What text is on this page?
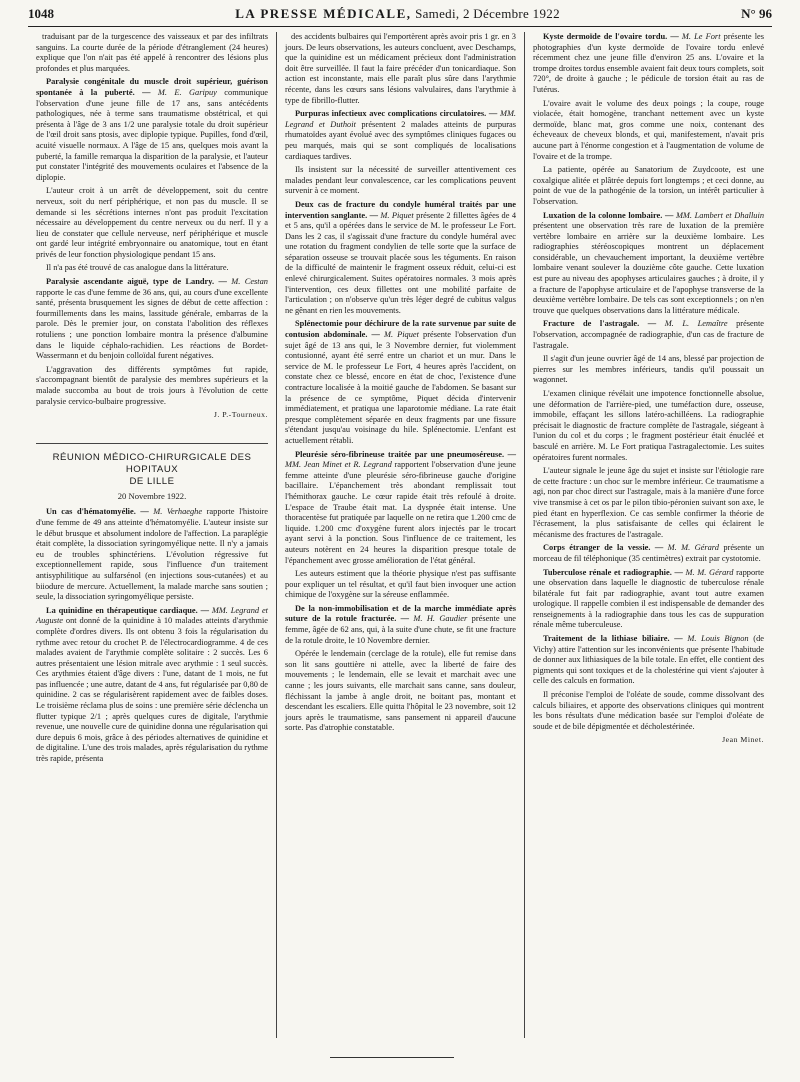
1048	LA PRESSE MÉDICALE, Samedi, 2 Décembre 1922	N° 96

traduisant par de la turgescence des vaisseaux et par des infiltrats sanguins. La courte durée de la période d'étranglement (24 heures) explique que l'on n'ait pas été appelé à rencontrer des lésions plus profondes et plus marquées.

Paralysie congénitale du muscle droit supérieur, guérison spontanée à la puberté. — M. E. Garipuy communique l'observation d'une jeune fille de 17 ans, sans antécédents pathologiques, née à terme sans traumatisme obstétrical, et qui présenta à l'âge de 3 ans 1/2 une paralysie totale du droit supérieur de l'œil droit sans ptosis, avec diplopie typique. Pupilles, fond d'œil, acuité visuelle normaux. A l'âge de 15 ans, quelques mois avant la puberté, la famille remarqua la disparition de la paralysie, et l'auteur put constater l'intégrité des mouvements oculaires et l'absence de la diplopie.

L'auteur croit à un arrêt de développement, soit du centre nerveux, soit du nerf périphérique, et non pas du muscle. Il se demande si les sécrétions internes n'ont pas produit l'excitation nécessaire au développement du centre nerveux ou du nerf. Il y a lieu de constater que cellule nerveuse, nerf périphérique et muscle ont gardé leur intégrité embryonnaire ou anatomique, tout en étant privés de leur fonction physiologique pendant 15 ans.

Il n'a pas été trouvé de cas analogue dans la littérature.

Paralysie ascendante aiguë, type de Landry. — M. Cestan rapporte le cas d'une femme de 36 ans, qui, au cours d'une excellente santé, présenta brusquement les signes de début de cette affection : fourmillements dans les mains, lassitude générale, embarras de la parole. Dès le premier jour, on constata l'abolition des réflexes rotuliens ; une ponction lombaire montra la présence d'albumine dans le liquide céphalo-rachidien. Les réactions de Bordet-Wassermann et du benjoin colloïdal furent négatives.

L'aggravation des différents symptômes fut rapide, s'accompagnant bientôt de paralysie des membres supérieurs et la malade succomba au bout de trois jours à l'évolution de cette paralysie cervico-bulbaire progressive.

J. P.-Tourneux.

RÉUNION MÉDICO-CHIRURGICALE DES HOPITAUX
DE LILLE
20 Novembre 1922.

Un cas d'hématomyélie. — M. Verhaeghe rapporte l'histoire d'une femme de 49 ans atteinte d'hématomyélie. L'auteur insiste sur le début brusque et absolument indolore de l'affection. La paraplégie était complète, la dissociation syringomyélique nette. Il n'y a jamais eu de troubles sphinctériens. L'évolution régressive fut exceptionnellement rapide, sous l'influence d'un traitement antisyphilitique au sulfarsénol (en injections sous-cutanées) et au biiodure de mercure. Actuellement, la malade marche sans soutien ; seule, la dissociation syringomyélique persiste.

La quinidine en thérapeutique cardiaque. — MM. Legrand et Auguste ont donné de la quinidine à 10 malades atteints d'arythmie complète d'ordres divers. Ils ont obtenu 3 fois la régularisation du rythme avec retour du crochet P. de l'électrocardiogramme. 4 de ces malades avaient de l'arythmie complète solitaire : 2 succès. Les 6 autres présentaient une lésion mitrale avec arythmie : 1 seul succès. Ces arythmies étaient d'âge divers : l'une, datant de 1 mois, ne fut pas influencée ; une autre, datant de 4 ans, fut régularisée par 0,80 de quinidine. 2 cas se régularisèrent rapidement avec de faibles doses. Le troisième réclama plus de soins : une première série déclencha un flutter typique 2/1 ; après quelques cures de digitale, l'arythmie revenue, une nouvelle cure de quinidine donna une régularisation qui dure depuis 6 mois, grâce à des périodes alternatives de quinidine et de digitaline. L'une des trois malades, après régularisation du rythme très rapide, présenta

des accidents bulbaires qui l'emportèrent après avoir pris 1 gr. en 3 jours. De leurs observations, les auteurs concluent, avec Deschamps, que la quinidine est un médicament précieux dont l'administration doit être surveillée. Il faut la faire précéder d'un tonicardiaque. Son action est inconstante, mais elle paraît plus sûre dans l'arythmie récente, dans les cœurs sans lésions valvulaires, dans l'arythmie à type de fibrillo-flutter.

Purpuras infectieux avec complications circulatoires. — MM. Legrand et Duthoit présentent 2 malades atteints de purpuras rhumatoïdes ayant évolué avec des symptômes cliniques fugaces ou peu marqués, mais qui se sont compliqués de localisations cardiaques tardives.

Ils insistent sur la nécessité de surveiller attentivement ces malades pendant leur convalescence, car les complications peuvent survenir à ce moment.

Deux cas de fracture du condyle huméral traités par une intervention sanglante. — M. Piquet présente 2 fillettes âgées de 4 et 5 ans, qu'il a opérées dans le service de M. le professeur Le Fort. Dans les 2 cas, il s'agissait d'une fracture du condyle huméral avec une rotation du fragment condylien de telle sorte que la surface de séparation osseuse se trouvait placée sous les téguments. En raison de la difficulté de maintenir le fragment osseux réduit, celui-ci est enlevé chirurgicalement. Suites opératoires normales. 3 mois après l'intervention, ces deux fillettes ont une mobilité parfaite de l'articulation ; on n'observe qu'un très léger degré de cubitus valgus ne gênant en rien les mouvements.

Splénectomie pour déchirure de la rate survenue par suite de contusion abdominale. — M. Piquet présente l'observation d'un sujet âgé de 13 ans qui, le 3 Novembre dernier, fut violemment contusionné, ayant été serré entre un chariot et un mur. Dans le service de M. le professeur Le Fort, 4 heures après l'accident, on constate chez ce blessé, encore en état de choc, l'existence d'une contracture localisée à la moitié gauche de l'abdomen. Se basant sur la présence de ce symptôme, Piquet décida d'intervenir immédiatement, et pratiqua une laparotomie médiane. La rate était presque complètement séparée en deux fragments par une fissure s'étendant jusqu'au voisinage du hile. Splénectomie. L'enfant est actuellement rétabli.

Pleurésie séro-fibrineuse traitée par une pneumoséreuse. — MM. Jean Minet et R. Legrand rapportent l'observation d'une jeune femme atteinte d'une pleurésie séro-fibrineuse gauche d'origine bacillaire. L'épanchement très abondant remplissait tout l'hémithorax gauche. Le cœur rapide était très refoulé à droite. L'espace de Traube était mat. La dyspnée était intense. Une thoracentèse fut pratiquée par laquelle on ne retira que 1.200 cmc de liquide. 1.200 cmc d'oxygène furent alors injectés par le trocart ayant servi à la ponction. Sous l'influence de ce traitement, les auteurs notèrent en 24 heures la disparition presque totale de l'épanchement avec grosse amélioration de l'état général.

Les auteurs estiment que la théorie physique n'est pas suffisante pour expliquer un tel résultat, et qu'il faut bien invoquer une action chimique de l'oxygène sur la séreuse enflammée.

De la non-immobilisation et de la marche immédiate après suture de la rotule fracturée. — M. H. Gaudier présente une femme, âgée de 62 ans, qui, à la suite d'une chute, se fit une fracture de la rotule droite, le 10 Novembre dernier.

Opérée le lendemain (cerclage de la rotule), elle fut remise dans son lit sans gouttière ni attelle, avec la liberté de faire des mouvements ; le lendemain, elle se levait et marchait avec une canne ; les jours suivants, elle marchait sans canne, sans douleur, fléchissant la jambe à angle droit, ne boitant pas, montant et descendant les escaliers. Elle quitta l'hôpital le 23 novembre, soit 12 jours après le traumatisme, sans pansement ni appareil d'aucune sorte. Pas d'atrophie constatable.

Kyste dermoïde de l'ovaire tordu. — M. Le Fort présente les photographies d'un kyste dermoïde de l'ovaire tordu enlevé récemment chez une jeune fille d'environ 25 ans. L'ovaire et la trompe droites tordus ensemble avaient fait deux tours complets, soit 720°, de droite à gauche ; le pédicule de torsion était au ras de l'utérus.

L'ovaire avait le volume des deux poings ; la coupe, rouge violacée, était homogène, tranchant nettement avec un kyste dermoïde, blanc mat, gros comme une noix, contenant des écheveaux de cheveux blonds, et qui, manifestement, n'avait pris aucune part à l'énorme congestion et à l'augmentation de volume de l'ovaire et de la trompe.

La patiente, opérée au Sanatorium de Zuydcoote, est une coxalgique alitée et plâtrée depuis fort longtemps ; et ceci donne, au point de vue de la pathogénie de la torsion, un intérêt particulier à l'observation.

Luxation de la colonne lombaire. — MM. Lambert et Dhalluin présentent une observation très rare de luxation de la première vertèbre lombaire en arrière sur la deuxième lombaire. Les radiographies stéréoscopiques montrent un déplacement considérable, un chevauchement important, la deuxième vertèbre lombaire venant soulever la douzième côte gauche. Cette luxation est pure au niveau des apophyses articulaires gauches ; à droite, il y a fracture de l'apophyse articulaire et de l'apophyse transverse de la deuxième vertèbre lombaire. De tels cas sont exceptionnels ; on n'en trouve que quelques observations dans la littérature médicale.

Fracture de l'astragale. — M. L. Lemaître présente l'observation, accompagnée de radiographie, d'un cas de fracture de l'astragale.

Il s'agit d'un jeune ouvrier âgé de 14 ans, blessé par projection de pierres sur les membres inférieurs, tandis qu'il poussait un wagonnet.

L'examen clinique révélait une impotence fonctionnelle absolue, une déformation de l'arrière-pied, une tuméfaction dure, osseuse, immobile, effaçant les sillons latéro-achilléens. La radiographie précisait le diagnostic de fracture complète de l'astragale, siégeant à l'union du col et du corps ; le fragment postérieur était énucléé et basculé en arrière. M. Le Fort pratiqua l'astragalectomie. Les suites opératoires furent normales.

L'auteur signale le jeune âge du sujet et insiste sur l'étiologie rare de cette fracture : un choc sur le membre inférieur. Ce traumatisme a agi, non par choc direct sur l'astragale, mais à la manière d'une force vive transmise à cet os par le pilon tibio-péronien suivant son axe, le pied étant en hyperflexion. Ce cas semble confirmer la théorie de l'écrasement, la plus satisfaisante de celles qui éclairent le mécanisme des fractures de l'astragale.

Corps étranger de la vessie. — M. M. Gérard présente un morceau de fil téléphonique (35 centimètres) extrait par cystotomie.

Tuberculose rénale et radiographie. — M. M. Gérard rapporte une observation dans laquelle le diagnostic de tuberculose rénale bilatérale fut fait par radiographie, avant tout autre examen urologique. Il rappelle combien il est indispensable de demander des renseignements à la radiographie dans tous les cas de suppuration rénale même tuberculeuse.

Traitement de la lithiase biliaire. — M. Louis Bignon (de Vichy) attire l'attention sur les inconvénients que présente l'habitude de donner aux lithiasiques de la bile totale. En effet, elle contient des pigments qui sont toxiques et de la cholestérine qui vient s'ajouter à celle des calculs en formation.

Il préconise l'emploi de l'oléate de soude, comme dissolvant des calculs biliaires, et apporte des observations cliniques qui montrent les bons résultats d'une médication basée sur l'emploi d'oléate de soude et de bile dépigmentée et décholestérinée.

Jean Minet.
